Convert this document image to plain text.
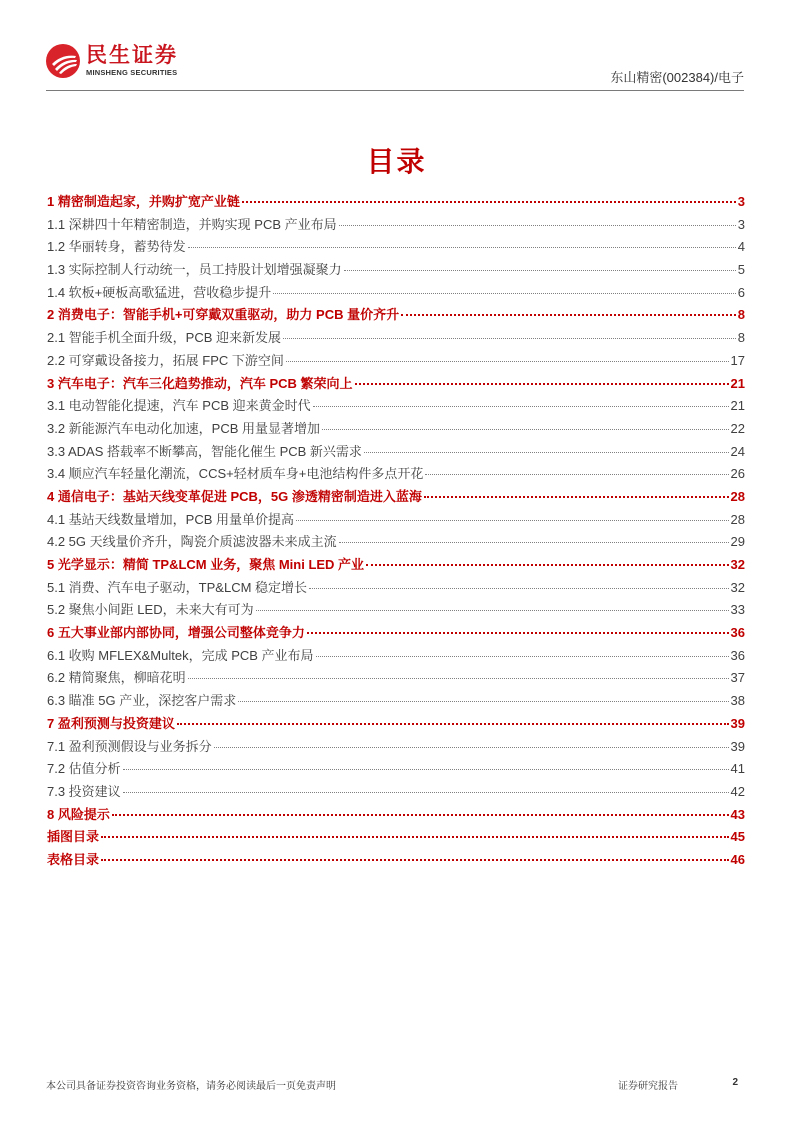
民生证券
MINSHENG SECURITIES	东山精密(002384)/电子
目录
1 精密制造起家，并购扩宽产业链	3
1.1 深耕四十年精密制造，并购实现 PCB 产业布局	3
1.2 华丽转身，蓄势待发	4
1.3 实际控制人行动统一，员工持股计划增强凝聚力	5
1.4 软板+硬板高歌猛进，营收稳步提升	6
2 消费电子：智能手机+可穿戴双重驱动，助力 PCB 量价齐升	8
2.1 智能手机全面升级，PCB 迎来新发展	8
2.2 可穿戴设备接力，拓展 FPC 下游空间	17
3 汽车电子：汽车三化趋势推动，汽车 PCB 繁荣向上	21
3.1 电动智能化提速，汽车 PCB 迎来黄金时代	21
3.2 新能源汽车电动化加速，PCB 用量显著增加	22
3.3 ADAS 搭载率不断攀高，智能化催生 PCB 新兴需求	24
3.4 顺应汽车轻量化潮流，CCS+轻材质车身+电池结构件多点开花	26
4 通信电子：基站天线变革促进 PCB，5G 渗透精密制造进入蓝海	28
4.1 基站天线数量增加，PCB 用量单价提高	28
4.2 5G 天线量价齐升，陶瓷介质滤波器未来成主流	29
5 光学显示：精简 TP&LCM 业务，聚焦 Mini LED 产业	32
5.1 消费、汽车电子驱动，TP&LCM 稳定增长	32
5.2 聚焦小间距 LED，未来大有可为	33
6 五大事业部内部协同，增强公司整体竞争力	36
6.1 收购 MFLEX&Multek，完成 PCB 产业布局	36
6.2 精简聚焦，柳暗花明	37
6.3 瞄准 5G 产业，深挖客户需求	38
7 盈利预测与投资建议	39
7.1 盈利预测假设与业务拆分	39
7.2 估值分析	41
7.3 投资建议	42
8 风险提示	43
插图目录	45
表格目录	46
本公司具备证券投资咨询业务资格，请务必阅读最后一页免责声明	证券研究报告	2
